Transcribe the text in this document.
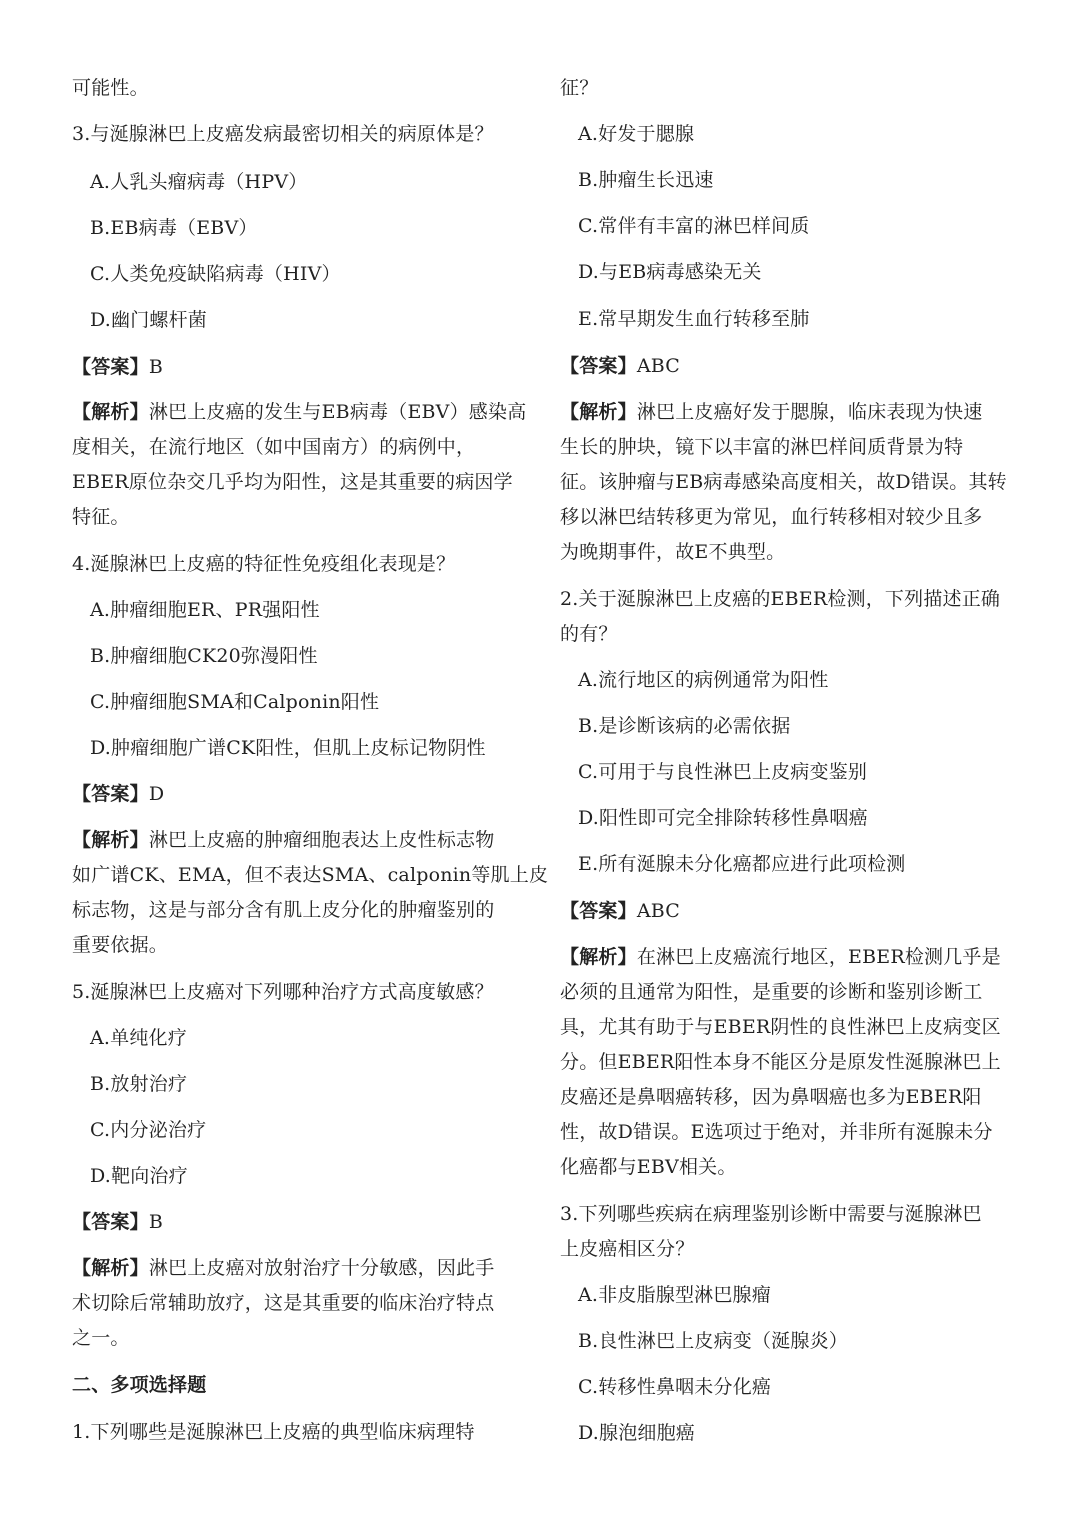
可能性。
3.与涎腺淋巴上皮癌发病最密切相关的病原体是？
A.人乳头瘤病毒（HPV）
B.EB病毒（EBV）
C.人类免疫缺陷病毒（HIV）
D.幽门螺杆菌
【答案】B
【解析】淋巴上皮癌的发生与EB病毒（EBV）感染高
度相关，在流行地区（如中国南方）的病例中，
EBER原位杂交几乎均为阳性，这是其重要的病因学
特征。
4.涎腺淋巴上皮癌的特征性免疫组化表现是？
A.肿瘤细胞ER、PR强阳性
B.肿瘤细胞CK20弥漫阳性
C.肿瘤细胞SMA和Calponin阳性
D.肿瘤细胞广谱CK阳性，但肌上皮标记物阴性
【答案】D
【解析】淋巴上皮癌的肿瘤细胞表达上皮性标志物
如广谱CK、EMA，但不表达SMA、calponin等肌上皮
标志物，这是与部分含有肌上皮分化的肿瘤鉴别的
重要依据。
5.涎腺淋巴上皮癌对下列哪种治疗方式高度敏感？
A.单纯化疗
B.放射治疗
C.内分泌治疗
D.靶向治疗
【答案】B
【解析】淋巴上皮癌对放射治疗十分敏感，因此手
术切除后常辅助放疗，这是其重要的临床治疗特点
之一。
二、多项选择题
1.下列哪些是涎腺淋巴上皮癌的典型临床病理特
征？
A.好发于腮腺
B.肿瘤生长迅速
C.常伴有丰富的淋巴样间质
D.与EB病毒感染无关
E.常早期发生血行转移至肺
【答案】ABC
【解析】淋巴上皮癌好发于腮腺，临床表现为快速
生长的肿块，镜下以丰富的淋巴样间质背景为特
征。该肿瘤与EB病毒感染高度相关，故D错误。其转
移以淋巴结转移更为常见，血行转移相对较少且多
为晚期事件，故E不典型。
2.关于涎腺淋巴上皮癌的EBER检测，下列描述正确
的有？
A.流行地区的病例通常为阳性
B.是诊断该病的必需依据
C.可用于与良性淋巴上皮病变鉴别
D.阳性即可完全排除转移性鼻咽癌
E.所有涎腺未分化癌都应进行此项检测
【答案】ABC
【解析】在淋巴上皮癌流行地区，EBER检测几乎是
必须的且通常为阳性，是重要的诊断和鉴别诊断工
具，尤其有助于与EBER阴性的良性淋巴上皮病变区
分。但EBER阳性本身不能区分是原发性涎腺淋巴上
皮癌还是鼻咽癌转移，因为鼻咽癌也多为EBER阳
性，故D错误。E选项过于绝对，并非所有涎腺未分
化癌都与EBV相关。
3.下列哪些疾病在病理鉴别诊断中需要与涎腺淋巴
上皮癌相区分？
A.非皮脂腺型淋巴腺瘤
B.良性淋巴上皮病变（涎腺炎）
C.转移性鼻咽未分化癌
D.腺泡细胞癌
